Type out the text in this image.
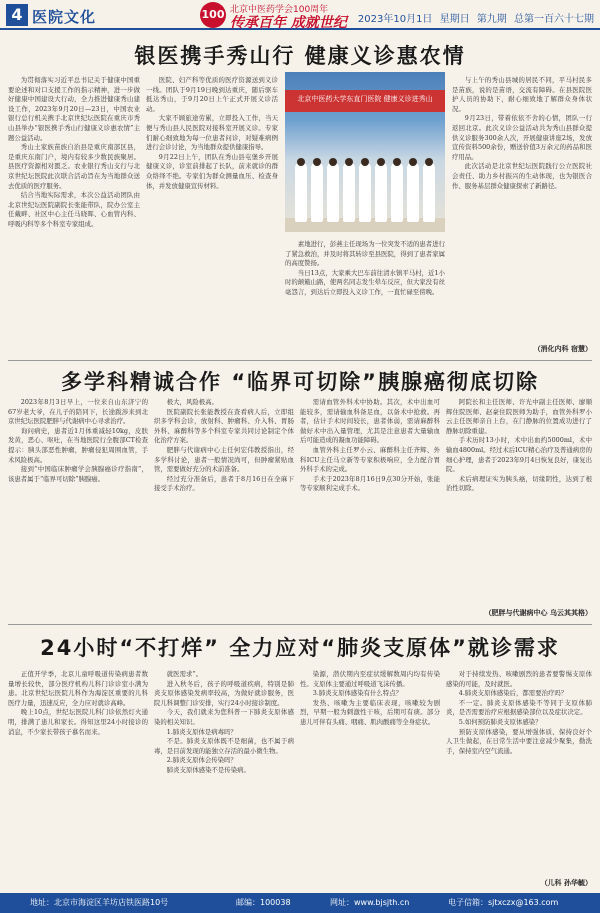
4 医院文化	100 北京中医药学会100周年
传承百年 成就世纪	2023年10月1日 星期日 第九期 总第一百六十七期
银医携手秀山行 健康义诊惠农情

为贯彻落实习近平总书记关于健康中国重要论述和对口支援工作的指示精神，进一步做好健康中国建设大行动，全力推进健康秀山建设工作，2023年9月20日—23日，中国农业银行总行机关携手北京世纪坛医院在重庆市秀山县举办“银医携手秀山行健康义诊惠农情”主题公益活动。

秀山土家族苗族自治县是重庆南部区县，是重庆东南门户，境内有较多少数民族聚居。县医疗资源相对匮乏。农业银行秀山支行与北京世纪坛医院此次联合活动旨在为当地群众送去优质的医疗服务。

结合当地实际需求，本次公益活动团队由北京世纪坛医院副院长张能带队，院办公室主任戴畔、社区中心主任马晓晖、心血管内科、呼吸内科等多个科室专家组成。

医院、妇产科等优质的医疗资源送到义诊一线。团队于9月19日晚到达重庆，随后驱车抵达秀山，于9月20日上午正式开展义诊活动。

大家不顾旅途劳累，立即投入工作，当天便与秀山县人民医院对接科室开展义诊。专家们耐心细致地为每一位患者问诊，对疑难病例进行会诊讨论，为当地群众提供健康指导。

9月22日上午，团队在秀山县屯堡乡开展健康义诊，诊室前排起了长队，前来就诊的群众络绎不绝。专家们为群众测量血压、检查身体，并发放健康宣传材料。

北京中医药大学东直门医院 健康义诊进秀山

素地进行，彭燕主任现场为一位突发不适的患者进行了紧急救治，并及时将其转诊至县医院，得到了患者家属的高度赞扬。

当日13点，大家乘大巴车前往清水镇平马村，近1小时的颠簸山路，使两名同志发生晕车反应，但大家没有丝毫怨言，到达后立即投入义诊工作，一直忙碌至傍晚。

与上午的秀山县城的居民不同，平马村民多是苗族，说的是苗语，交流有障碍。在县医院医护人员的协助下，耐心细致地了解群众身体状况。

9月23日，带着依依不舍的心情，团队一行返回北京。此次义诊公益活动共为秀山县群众提供义诊服务300余人次，开展健康讲座2场，发放宣传资料500余份，赠送价值3万余元的药品和医疗用品。

此次活动是北京世纪坛医院践行公立医院社会责任、助力乡村振兴的生动体现，也为银医合作、服务基层群众健康探索了新路径。

（消化内科 宿慧）
多学科精诚合作 “临界可切除”胰腺癌彻底切除

2023年8月3日早上，一位来自山东济宁的67岁老大爷，在儿子的陪同下，长途跋涉来到北京世纪坛医院肥胖与代谢病中心寻求治疗。

询问病史，患者近1月体重减轻10kg，皮肤发黄，恶心、呕吐，在当地医院行全腹部CT检查提示：胰头部恶性肿瘤，肿瘤侵犯周围血管，手术风险极高。

接到“中国临床肿瘤学会胰腺癌诊疗指南”，该患者属于“临界可切除”胰腺癌。

极大，风险极高。

医院副院长张能教授在查看病人后，立即组织多学科会诊，放射科、肿瘤科、介入科、胃肠外科、麻醉科等多个科室专家共同讨论制定个体化治疗方案。

肥胖与代谢病中心主任何宏伟教授指出，经多学科讨论，患者一般情况尚可，但肿瘤紧贴血管，需要做好充分的术前准备。

经过充分准备后，患者于8月16日在全麻下接受手术治疗。

需请血管外科术中协助。其次，术中出血可能较多，需请输血科备足血，以备术中抢救。再者，估计手术时间较长，患者体弱，需请麻醉科做好术中出入量管理，尤其是注意患者大量输血后可能造成的凝血功能障碍。

血管外科主任罗小云、麻醉科主任齐辉、外科ICU主任马立新等专家积极响应，全力配合胃外科手术的完成。

手术于2023年8月16日9点30分开始，张能等专家顺利完成手术。

阿院长和主任医师、许光中副主任医师、廖顺辉住院医师、赵豪住院医师为助手，血管外科罗小云主任医师亲自上台，在门静脉的位置成功进行了静脉切除重建。

手术历时13小时，术中出血约5000ml，术中输血4800ml。经过术后ICU精心治疗及普通病房的细心护理，患者于2023年9月4日恢复良好，康复出院。

术后病理证实为胰头癌，切缘阴性，达到了根治性切除。

（肥胖与代谢病中心 乌云其其格）
24小时“不打烊” 全力应对“肺炎支原体”就诊需求

正值开学季，北京儿童呼吸道传染病患者数量增长较快，部分医疗机构儿科门诊诊室小满为患。北京世纪坛医院儿科作为海淀区重要的儿科医疗力量，迅速反应，全力应对就诊高峰。

晚上10点，世纪坛医院儿科门诊依然灯火通明，排满了患儿和家长。得知这里24小时接诊的消息，不少家长带孩子慕名而来。

就医需求”。

进入秋冬后，孩子的呼吸道疾病，特别是肺炎支原体感染发病率较高，为做好就诊服务，医院儿科调整门诊安排，实行24小时接诊制度。

今天，我们就来为您科普一下肺炎支原体感染的相关知识。

1.肺炎支原体是病毒吗？

不是。肺炎支原体既不是细菌，也不属于病毒，是目前发现的能独立存活的最小微生物。

2.肺炎支原体会传染吗？

肺炎支原体感染不是传染病。

染源，潜伏期内至症状缓解数周内均有传染性。支原体主要通过呼吸道飞沫传播。

3.肺炎支原体感染有什么特点？

发热、咳嗽为主要临床表现，咳嗽较为剧烈，早期一般为刺激性干咳，后期可有痰。部分患儿可伴有头痛、咽痛、肌肉酸痛等全身症状。

对于持续发热、咳嗽剧烈的患者要警惕支原体感染的可能，及时就医。

4.肺炎支原体感染后，都需要治疗吗？

不一定。肺炎支原体感染不等同于支原体肺炎，是否需要治疗应根据感染部位以及症状决定。

5.如何预防肺炎支原体感染？

预防支原体感染，要从增强体质、保持良好个人卫生做起，在日常生活中要注意减少聚集，勤洗手，保持室内空气流通。

（儿科 孙华毓）
地址：北京市海淀区羊坊店铁医路10号	邮编：100038	网址：www.bjsjth.cn	电子信箱：sjtxczx@163.com
